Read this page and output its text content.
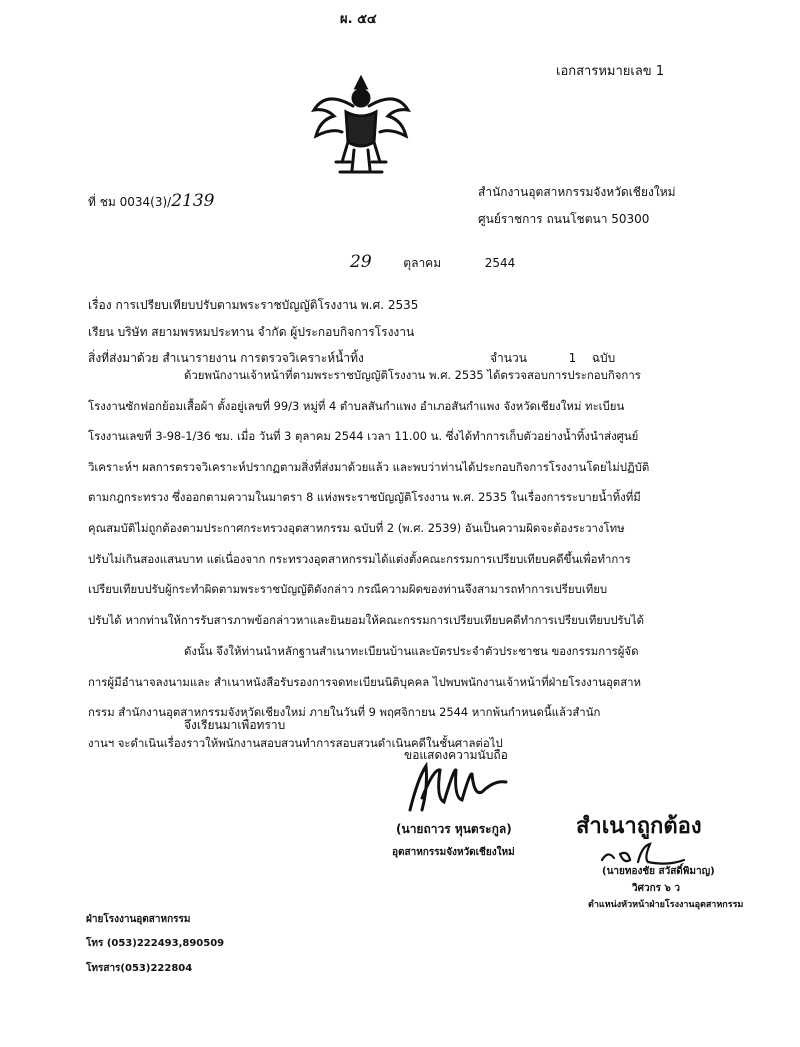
ผ. ๕๔
เอกสารหมายเลข 1
ที่ ชม 0034(3)/2139	สำนักงานอุตสาหกรรมจังหวัดเชียงใหม่
ศูนย์ราชการ ถนนโชตนา 50300
29	ตุลาคม	2544
เรื่อง การเปรียบเทียบปรับตามพระราชบัญญัติโรงงาน พ.ศ. 2535
เรียน บริษัท สยามพรหมประทาน จำกัด ผู้ประกอบกิจการโรงงาน
สิ่งที่ส่งมาด้วย สำเนารายงาน การตรวจวิเคราะห์น้ำทิ้ง	จำนวน	1 ฉบับ
ด้วยพนักงานเจ้าหน้าที่ตามพระราชบัญญัติโรงงาน พ.ศ. 2535 ได้ตรวจสอบการประกอบกิจการ
โรงงานซักฟอกย้อมเสื้อผ้า ตั้งอยู่เลขที่ 99/3 หมู่ที่ 4 ตำบลสันกำแพง อำเภอสันกำแพง จังหวัดเชียงใหม่ ทะเบียน
โรงงานเลขที่ 3-98-1/36 ชม. เมื่อ วันที่ 3 ตุลาคม 2544 เวลา 11.00 น. ซึ่งได้ทำการเก็บตัวอย่างน้ำทิ้งนำส่งศูนย์
วิเคราะห์ฯ ผลการตรวจวิเคราะห์ปรากฏตามสิ่งที่ส่งมาด้วยแล้ว และพบว่าท่านได้ประกอบกิจการโรงงานโดยไม่ปฏิบัติ
ตามกฎกระทรวง ซึ่งออกตามความในมาตรา 8 แห่งพระราชบัญญัติโรงงาน พ.ศ. 2535 ในเรื่องการระบายน้ำทิ้งที่มี
คุณสมบัติไม่ถูกต้องตามประกาศกระทรวงอุตสาหกรรม ฉบับที่ 2 (พ.ศ. 2539) อันเป็นความผิดจะต้องระวางโทษ
ปรับไม่เกินสองแสนบาท แต่เนื่องจาก กระทรวงอุตสาหกรรมได้แต่งตั้งคณะกรรมการเปรียบเทียบคดีขึ้นเพื่อทำการ
เปรียบเทียบปรับผู้กระทำผิดตามพระราชบัญญัติดังกล่าว กรณีความผิดของท่านจึงสามารถทำการเปรียบเทียบ
ปรับได้ หากท่านให้การรับสารภาพข้อกล่าวหาและยินยอมให้คณะกรรมการเปรียบเทียบคดีทำการเปรียบเทียบปรับได้
ดังนั้น จึงให้ท่านนำหลักฐานสำเนาทะเบียนบ้านและบัตรประจำตัวประชาชน ของกรรมการผู้จัด
การผู้มีอำนาจลงนามและ สำเนาหนังสือรับรองการจดทะเบียนนิติบุคคล ไปพบพนักงานเจ้าหน้าที่ฝ่ายโรงงานอุตสาห
กรรม สำนักงานอุตสาหกรรมจังหวัดเชียงใหม่ ภายในวันที่ 9 พฤศจิกายน 2544 หากพ้นกำหนดนี้แล้วสำนัก
งานฯ จะดำเนินเรื่องราวให้พนักงานสอบสวนทำการสอบสวนดำเนินคดีในชั้นศาลต่อไป
จึงเรียนมาเพื่อทราบ
ขอแสดงความนับถือ
(นายถาวร หุนตระกูล)
อุตสาหกรรมจังหวัดเชียงใหม่
สำเนาถูกต้อง
(นายทองชัย สวัสดิ์พิมาญ)
วิศวกร ๖ ว
ตำแหน่งหัวหน้าฝ่ายโรงงานอุตสาหกรรม
ฝ่ายโรงงานอุตสาหกรรม
โทร (053)222493,890509
โทรสาร(053)222804
